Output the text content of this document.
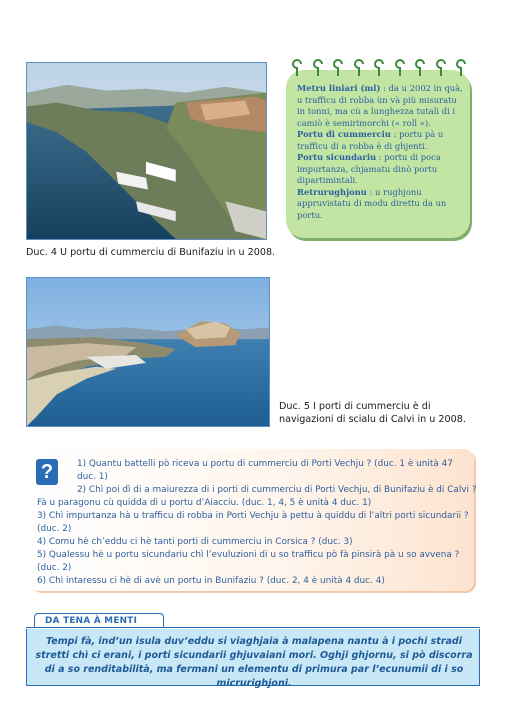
Duc. 4 U portu di cummerciu di Bunifaziu in u 2008.
Metru liniari (ml) : da u 2002 in quà, u trafficu di robba ùn và più misuratu in tonni, ma cù a lunghezza tutali di i camiò è semirimorchi (« roll »).
Portu di cummerciu : portu pà u trafficu di a robba è di ghjenti.
Portu sicundariu : portu di poca impurtanza, chjamatu dinò portu dipartimintali.
Retrurughjonu : u rughjonu appruvistatu di modu direttu da un portu.
Duc. 5 I porti di cummerciu è di navigazioni di scialu di Calvi in u 2008.
?	1) Quantu battelli pò riceva u portu di cummerciu di Porti Vechju ? (duc. 1 è unità 47
duc. 1)
2) Chì poi dì di a maiurezza di i porti di cummerciu di Porti Vechju, di Bunifaziu è di Calvi ?
Fà u paragonu cù quidda di u portu d’Aiacciu. (duc. 1, 4, 5 è unità 4 duc. 1)
3) Chì impurtanza hà u trafficu di robba in Porti Vechju à pettu à quiddu di l’altri porti sicundarii ?
(duc. 2)
4) Comu hè ch’eddu ci hè tanti porti di cummerciu in Corsica ? (duc. 3)
5) Qualessu hè u portu sicundariu chì l’evuluzioni di u so trafficu pò fà pinsirà pà u so avvena ?
(duc. 2)
6) Chì intaressu ci hè di avè un portu in Bunifaziu ? (duc. 2, 4 è unità 4 duc. 4)
DA TENA À MENTI
Tempi fà, ind’un isula duv’eddu si viaghjaia à malapena nantu à i pochi stradi stretti chì ci erani, i porti sicundarii ghjuvaiani mori. Oghji ghjornu, si pò discorra di a so renditabilità, ma fermani un elementu di primura par l’ecunumii di i so micrurighjoni.
